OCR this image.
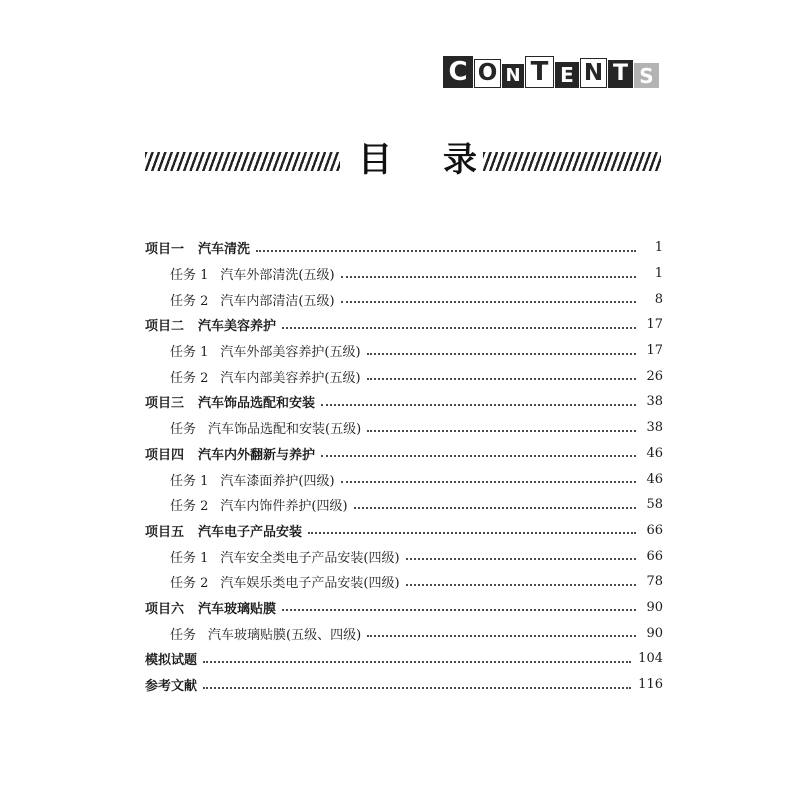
C O N T E N T S
目 录
项目一 汽车清洗	1
任务 1 汽车外部清洗(五级)	1
任务 2 汽车内部清洁(五级)	8
项目二 汽车美容养护	17
任务 1 汽车外部美容养护(五级)	17
任务 2 汽车内部美容养护(五级)	26
项目三 汽车饰品选配和安装	38
任务 汽车饰品选配和安装(五级)	38
项目四 汽车内外翻新与养护	46
任务 1 汽车漆面养护(四级)	46
任务 2 汽车内饰件养护(四级)	58
项目五 汽车电子产品安装	66
任务 1 汽车安全类电子产品安装(四级)	66
任务 2 汽车娱乐类电子产品安装(四级)	78
项目六 汽车玻璃贴膜	90
任务 汽车玻璃贴膜(五级、四级)	90
模拟试题	104
参考文献	116
